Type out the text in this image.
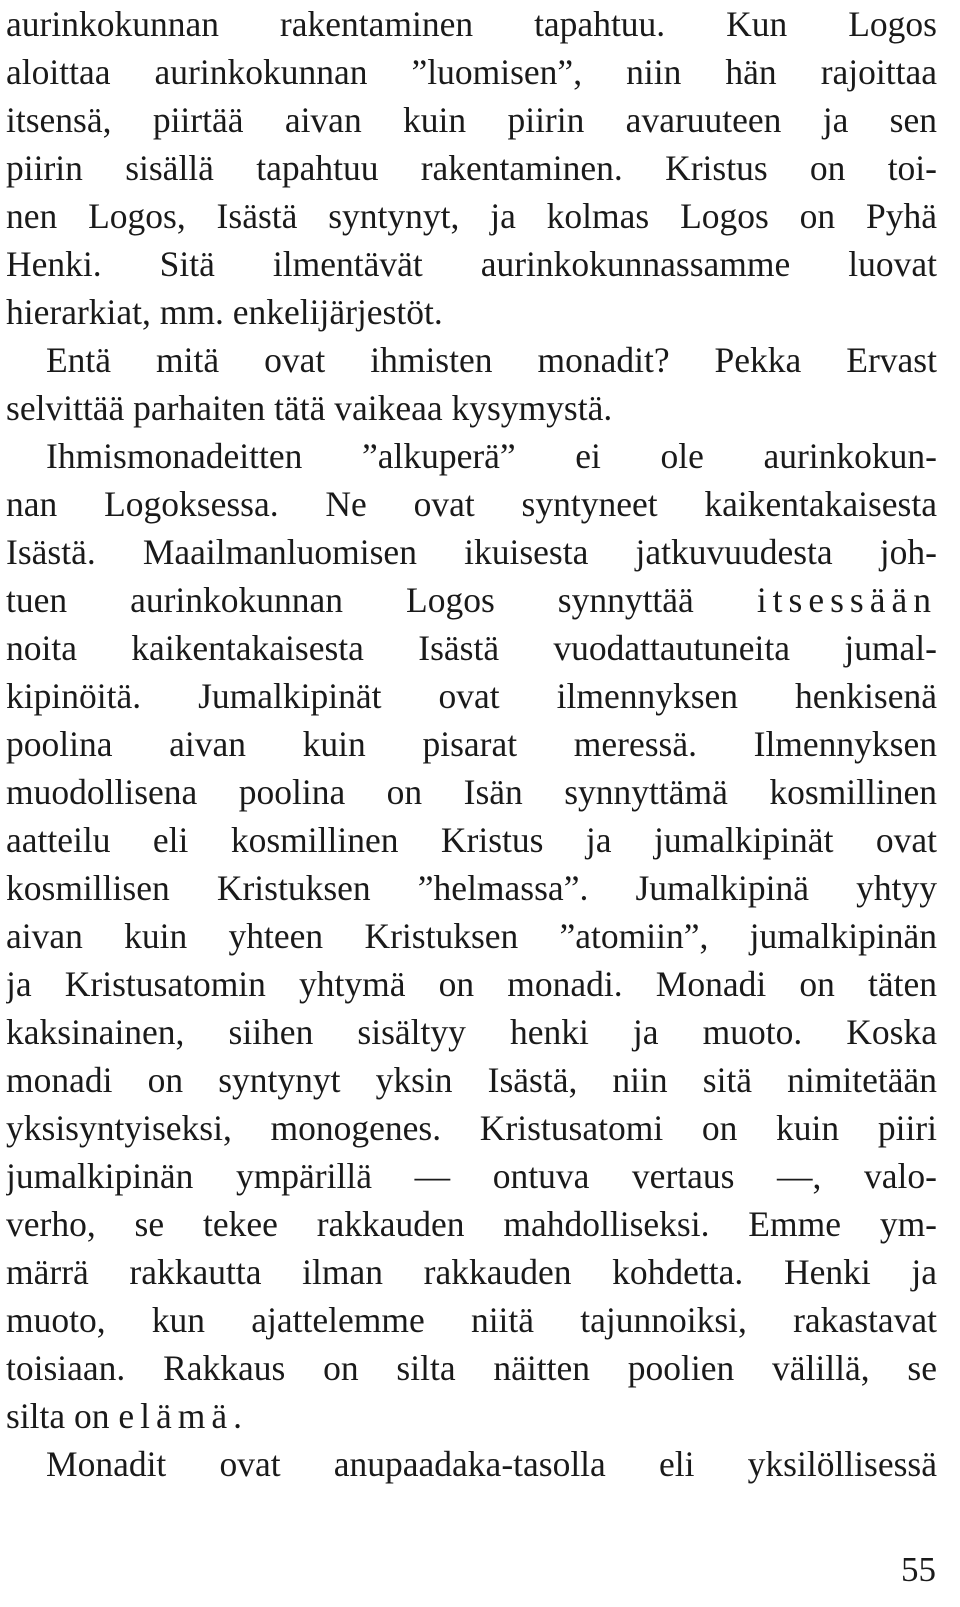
aurinkokunnan rakentaminen tapahtuu. Kun Logos
aloittaa aurinkokunnan ”luomisen”, niin hän rajoittaa
itsensä, piirtää aivan kuin piirin avaruuteen ja sen
piirin sisällä tapahtuu rakentaminen. Kristus on toi-
nen Logos, Isästä syntynyt, ja kolmas Logos on Pyhä
Henki. Sitä ilmentävät aurinkokunnassamme luovat
hierarkiat, mm. enkelijärjestöt.
Entä mitä ovat ihmisten monadit? Pekka Ervast
selvittää parhaiten tätä vaikeaa kysymystä.
Ihmismonadeitten ”alkuperä” ei ole aurinkokun-
nan Logoksessa. Ne ovat syntyneet kaikentakaisesta
Isästä. Maailmanluomisen ikuisesta jatkuvuudesta joh-
tuen aurinkokunnan Logos synnyttää itsessään
noita kaikentakaisesta Isästä vuodattautuneita jumal-
kipinöitä. Jumalkipinät ovat ilmennyksen henkisenä
poolina aivan kuin pisarat meressä. Ilmennyksen
muodollisena poolina on Isän synnyttämä kosmillinen
aatteilu eli kosmillinen Kristus ja jumalkipinät ovat
kosmillisen Kristuksen ”helmassa”. Jumalkipinä yhtyy
aivan kuin yhteen Kristuksen ”atomiin”, jumalkipinän
ja Kristusatomin yhtymä on monadi. Monadi on täten
kaksinainen, siihen sisältyy henki ja muoto. Koska
monadi on syntynyt yksin Isästä, niin sitä nimitetään
yksisyntyiseksi, monogenes. Kristusatomi on kuin piiri
jumalkipinän ympärillä — ontuva vertaus —, valo-
verho, se tekee rakkauden mahdolliseksi. Emme ym-
märrä rakkautta ilman rakkauden kohdetta. Henki ja
muoto, kun ajattelemme niitä tajunnoiksi, rakastavat
toisiaan. Rakkaus on silta näitten poolien välillä, se
silta on elämä.
Monadit ovat anupaadaka-tasolla eli yksilöllisessä
55
